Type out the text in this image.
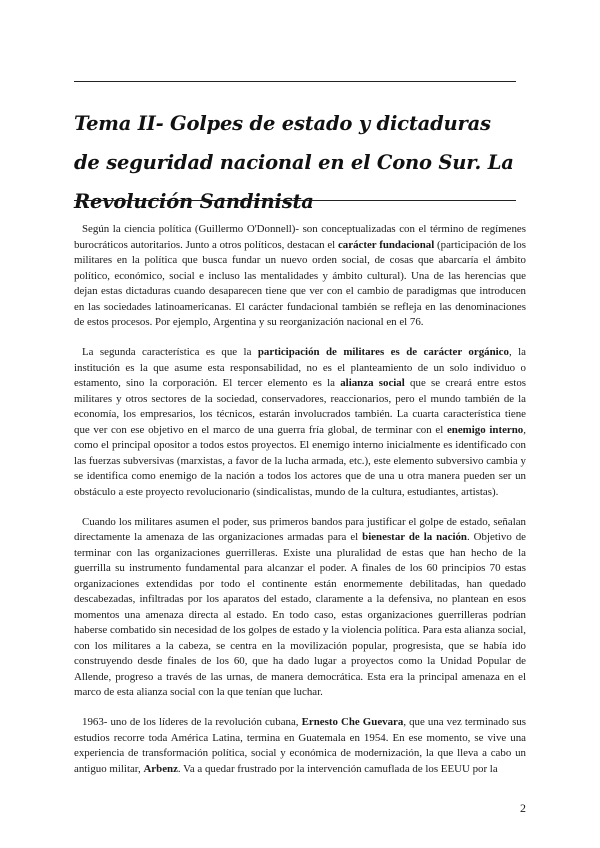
Tema II- Golpes de estado y dictaduras de seguridad nacional en el Cono Sur. La Revolución Sandinista

Según la ciencia política (Guillermo O'Donnell)- son conceptualizadas con el término de regímenes burocráticos autoritarios. Junto a otros políticos, destacan el carácter fundacional (participación de los militares en la política que busca fundar un nuevo orden social, de cosas que abarcaría el ámbito político, económico, social e incluso las mentalidades y ámbito cultural). Una de las herencias que dejan estas dictaduras cuando desaparecen tiene que ver con el cambio de paradigmas que introducen en las sociedades latinoamericanas. El carácter fundacional también se refleja en las denominaciones de estos procesos. Por ejemplo, Argentina y su reorganización nacional en el 76.

La segunda característica es que la participación de militares es de carácter orgánico, la institución es la que asume esta responsabilidad, no es el planteamiento de un solo individuo o estamento, sino la corporación. El tercer elemento es la alianza social que se creará entre estos militares y otros sectores de la sociedad, conservadores, reaccionarios, pero el mundo también de la economía, los empresarios, los técnicos, estarán involucrados también. La cuarta característica tiene que ver con ese objetivo en el marco de una guerra fría global, de terminar con el enemigo interno, como el principal opositor a todos estos proyectos. El enemigo interno inicialmente es identificado con las fuerzas subversivas (marxistas, a favor de la lucha armada, etc.), este elemento subversivo cambia y se identifica como enemigo de la nación a todos los actores que de una u otra manera pueden ser un obstáculo a este proyecto revolucionario (sindicalistas, mundo de la cultura, estudiantes, artistas).

Cuando los militares asumen el poder, sus primeros bandos para justificar el golpe de estado, señalan directamente la amenaza de las organizaciones armadas para el bienestar de la nación. Objetivo de terminar con las organizaciones guerrilleras. Existe una pluralidad de estas que han hecho de la guerrilla su instrumento fundamental para alcanzar el poder. A finales de los 60 principios 70 estas organizaciones extendidas por todo el continente están enormemente debilitadas, han quedado descabezadas, infiltradas por los aparatos del estado, claramente a la defensiva, no plantean en esos momentos una amenaza directa al estado. En todo caso, estas organizaciones guerrilleras podrían haberse combatido sin necesidad de los golpes de estado y la violencia política. Para esta alianza social, con los militares a la cabeza, se centra en la movilización popular, progresista, que se había ido construyendo desde finales de los 60, que ha dado lugar a proyectos como la Unidad Popular de Allende, progreso a través de las urnas, de manera democrática. Esta era la principal amenaza en el marco de esta alianza social con la que tenían que luchar.

1963- uno de los líderes de la revolución cubana, Ernesto Che Guevara, que una vez terminado sus estudios recorre toda América Latina, termina en Guatemala en 1954. En ese momento, se vive una experiencia de transformación política, social y económica de modernización, la que lleva a cabo un antiguo militar, Arbenz. Va a quedar frustrado por la intervención camuflada de los EEUU por la

2
